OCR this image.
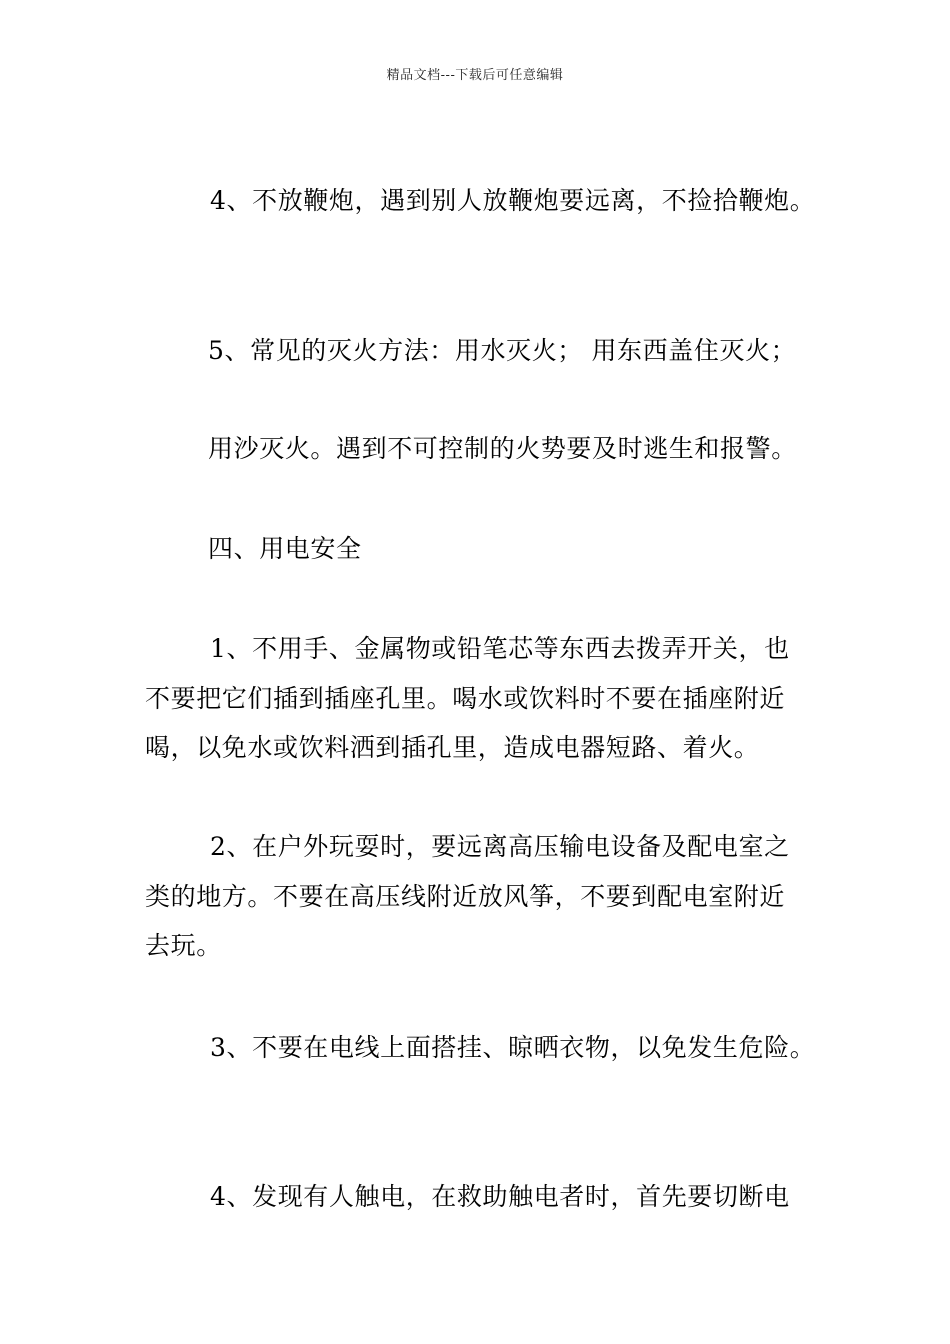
精品文档---下载后可任意编辑
4、不放鞭炮，遇到别人放鞭炮要远离，不捡拾鞭炮。
5、常见的灭火方法：用水灭火； 用东西盖住灭火；
用沙灭火。遇到不可控制的火势要及时逃生和报警。
四、用电安全
1、不用手、金属物或铅笔芯等东西去拨弄开关，也
不要把它们插到插座孔里。喝水或饮料时不要在插座附近
喝，以免水或饮料洒到插孔里，造成电器短路、着火。
2、在户外玩耍时，要远离高压输电设备及配电室之
类的地方。不要在高压线附近放风筝，不要到配电室附近
去玩。
3、不要在电线上面搭挂、晾晒衣物，以免发生危险。
4、发现有人触电，在救助触电者时，首先要切断电
